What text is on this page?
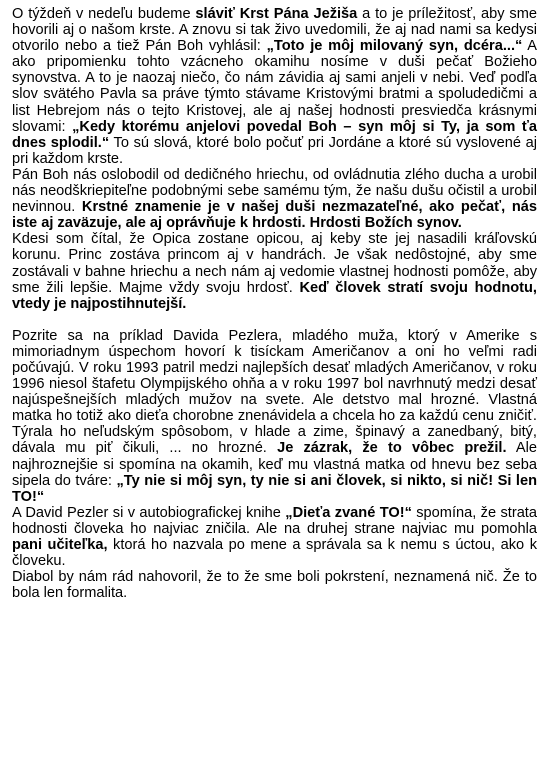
O týždeň v nedeľu budeme sláviť Krst Pána Ježiša a to je príležitosť, aby sme hovorili aj o našom krste. A znovu si tak živo uvedomili, že aj nad nami sa kedysi otvorilo nebo a tiež Pán Boh vyhlásil: „Toto je môj milovaný syn, dcéra...“ A ako pripomienku tohto vzácneho okamihu nosíme v duši pečať Božieho synovstva. A to je naozaj niečo, čo nám závidia aj sami anjeli v nebi. Veď podľa slov svätého Pavla sa práve týmto stávame Kristovými bratmi a spoludedičmi a list Hebrejom nás o tejto Kristovej, ale aj našej hodnosti presviedča krásnymi slovami: „Kedy ktorému anjelovi povedal Boh – syn môj si Ty, ja som ťa dnes splodil.“ To sú slová, ktoré bolo počuť pri Jordáne a ktoré sú vyslovené aj pri každom krste.

Pán Boh nás oslobodil od dedičného hriechu, od ovládnutia zlého ducha a urobil nás neodškriepiteľne podobnými sebe samému tým, že našu dušu očistil a urobil nevinnou. Krstné znamenie je v našej duši nezmazateľné, ako pečať, nás iste aj zaväzuje, ale aj oprávňuje k hrdosti. Hrdosti Božích synov.

Kdesi som čítal, že Opica zostane opicou, aj keby ste jej nasadili kráľovskú korunu. Princ zostáva princom aj v handrách. Je však nedôstojné, aby sme zostávali v bahne hriechu a nech nám aj vedomie vlastnej hodnosti pomôže, aby sme žili lepšie. Majme vždy svoju hrdosť. Keď človek stratí svoju hodnotu, vtedy je najpostihnutejší.

Pozrite sa na príklad Davida Pezlera, mladého muža, ktorý v Amerike s mimoriadnym úspechom hovorí k tisíckam Američanov a oni ho veľmi radi počúvajú. V roku 1993 patril medzi najlepších desať mladých Američanov, v roku 1996 niesol štafetu Olympijského ohňa a v roku 1997 bol navrhnutý medzi desať najúspešnejších mladých mužov na svete. Ale detstvo mal hrozné. Vlastná matka ho totiž ako dieťa chorobne znenávidela a chcela ho za každú cenu zničiť. Týrala ho neľudským spôsobom, v hlade a zime, špinavý a zanedbaný, bitý, dávala mu piť čikuli, ... no hrozné. Je zázrak, že to vôbec prežil. Ale najhroznejšie si spomína na okamih, keď mu vlastná matka od hnevu bez seba sipela do tváre: „Ty nie si môj syn, ty nie si ani človek, si nikto, si nič! Si len TO!“

A David Pezler si v autobiografickej knihe „Dieťa zvané TO!“ spomína, že strata hodnosti človeka ho najviac zničila. Ale na druhej strane najviac mu pomohla pani učiteľka, ktorá ho nazvala po mene a správala sa k nemu s úctou, ako k človeku.

Diabol by nám rád nahovoril, že to že sme boli pokrstení, neznamená nič. Že to bola len formalita.
